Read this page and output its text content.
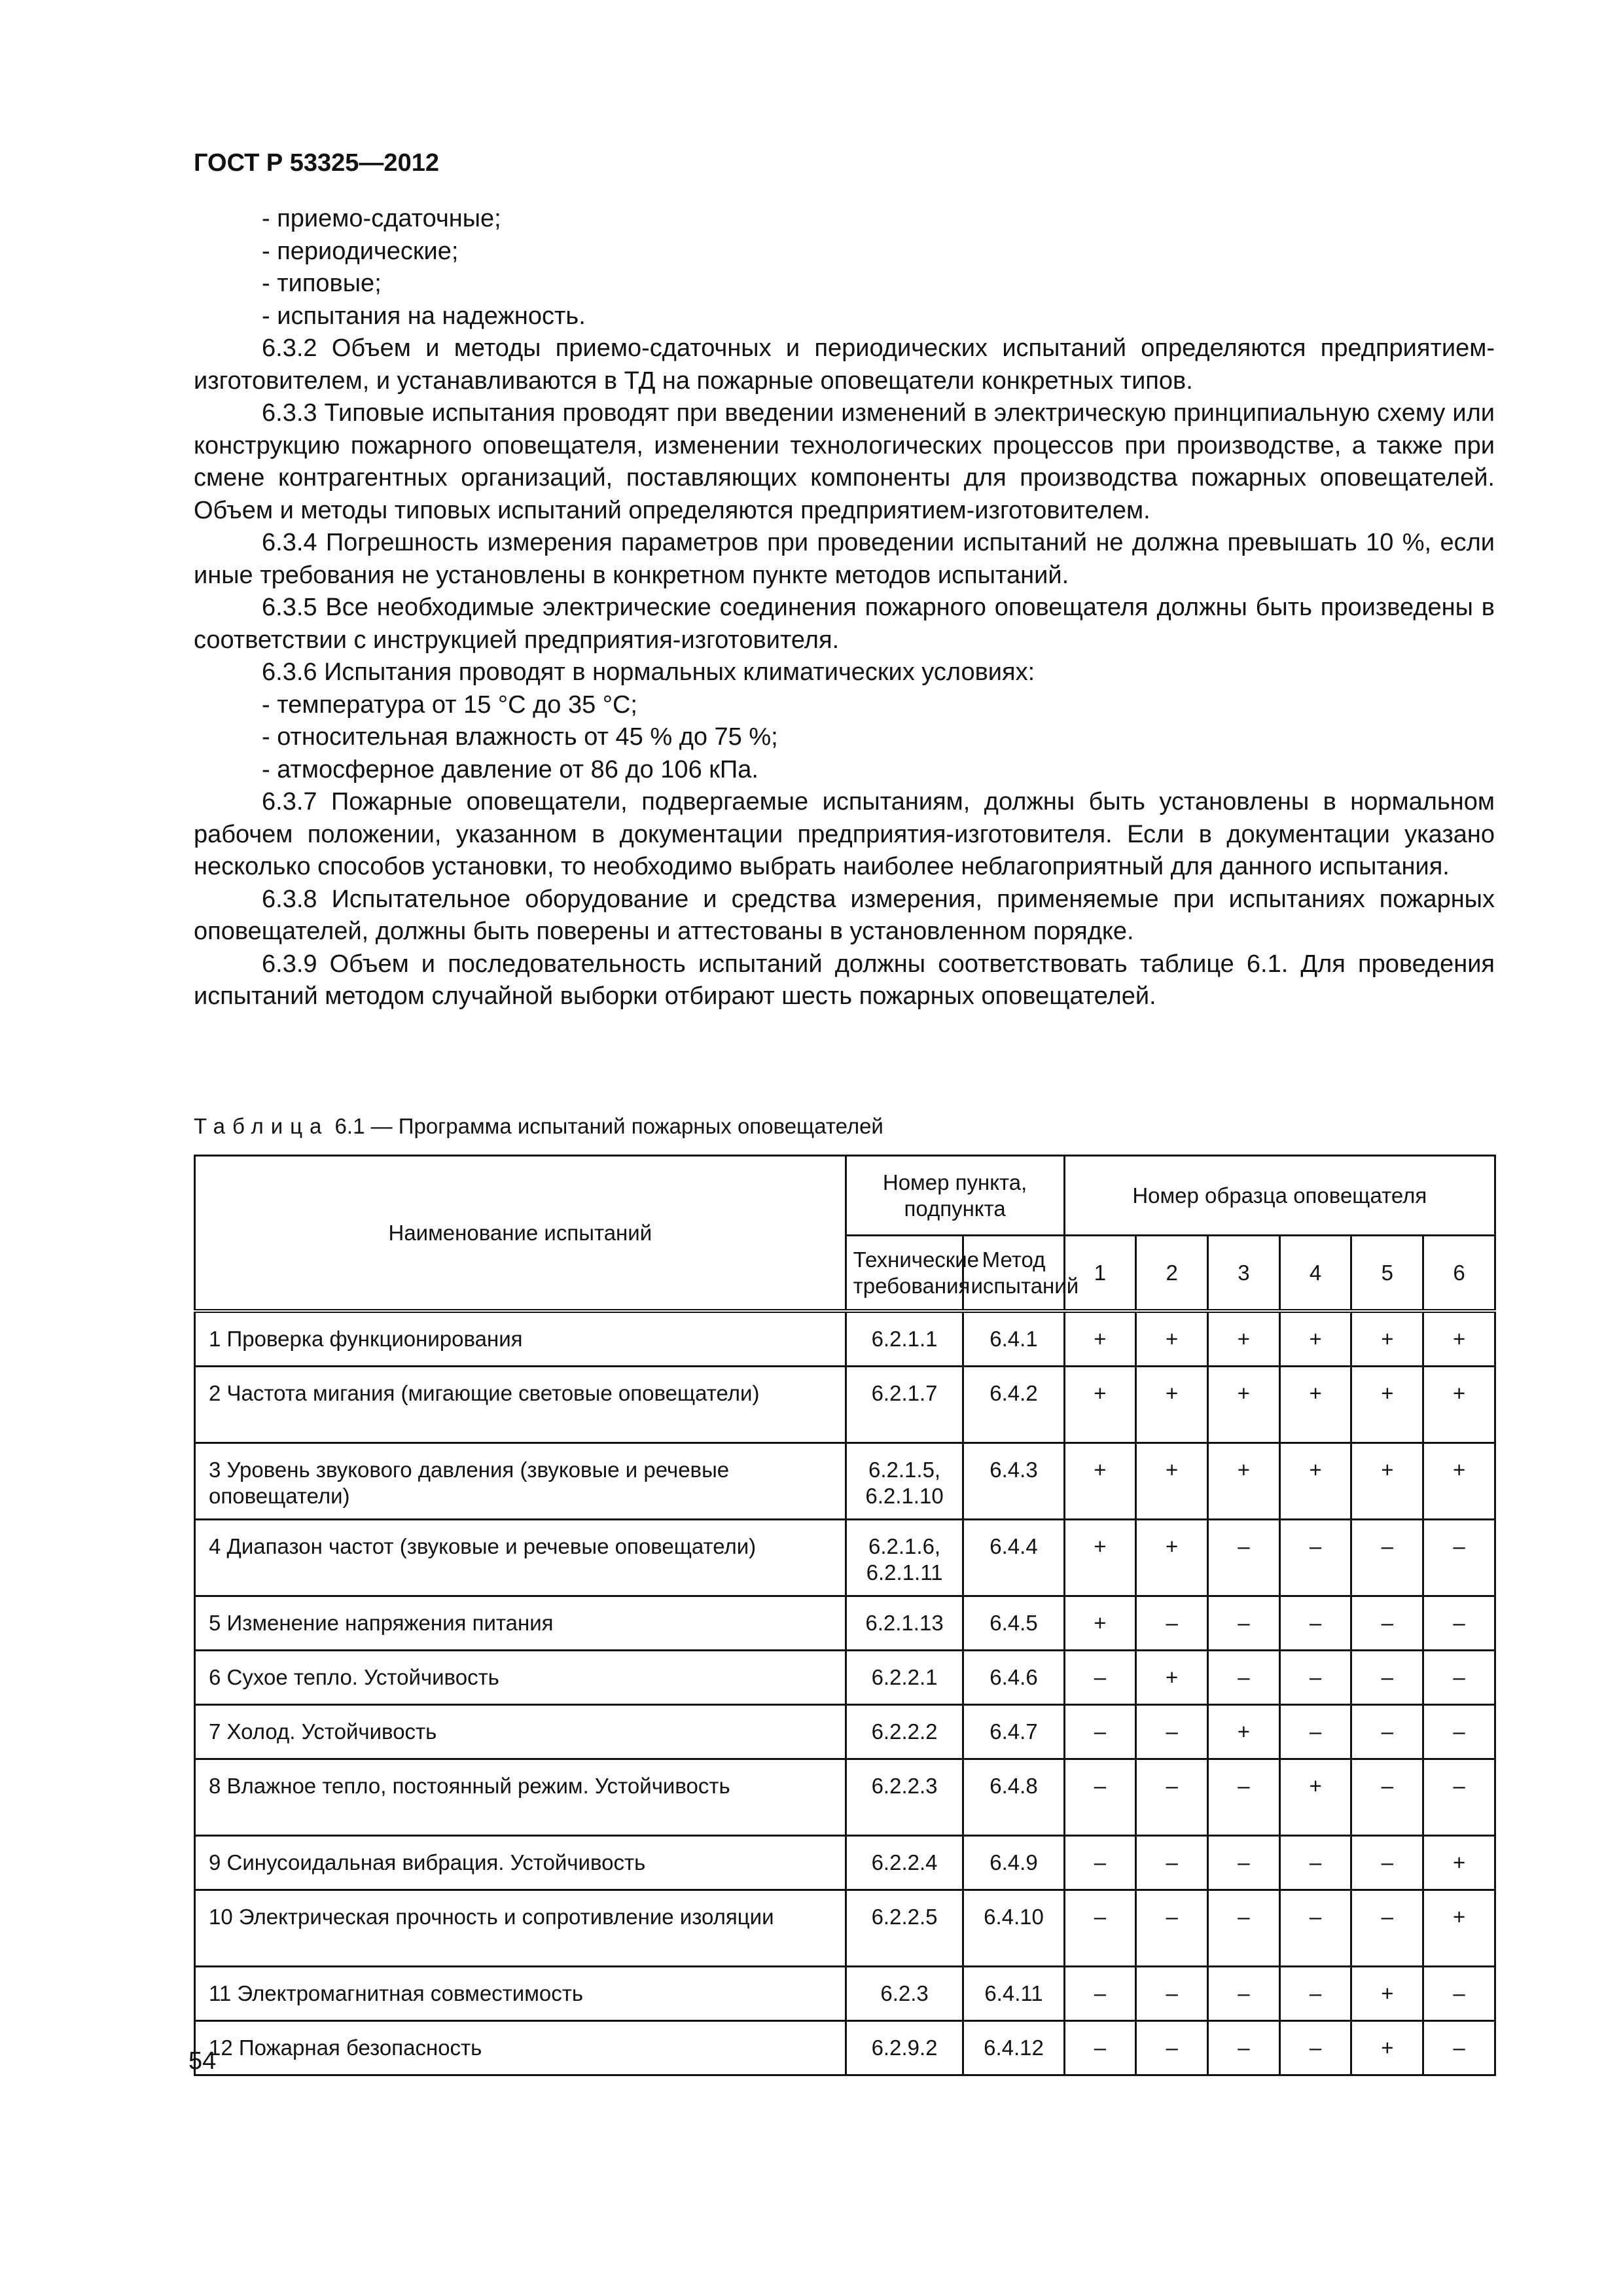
ГОСТ Р 53325—2012

- приемо-сдаточные;

- периодические;

- типовые;

- испытания на надежность.

6.3.2 Объем и методы приемо-сдаточных и периодических испытаний определяются предприятием-изготовителем, и устанавливаются в ТД на пожарные оповещатели конкретных типов.

6.3.3 Типовые испытания проводят при введении изменений в электрическую принципиальную схему или конструкцию пожарного оповещателя, изменении технологических процессов при производстве, а также при смене контрагентных организаций, поставляющих компоненты для производства пожарных оповещателей. Объем и методы типовых испытаний определяются предприятием-изготовителем.

6.3.4 Погрешность измерения параметров при проведении испытаний не должна превышать 10 %, если иные требования не установлены в конкретном пункте методов испытаний.

6.3.5 Все необходимые электрические соединения пожарного оповещателя должны быть произведены в соответствии с инструкцией предприятия-изготовителя.

6.3.6 Испытания проводят в нормальных климатических условиях:

- температура от 15 °С до 35 °С;

- относительная влажность от 45 % до 75 %;

- атмосферное давление от 86 до 106 кПа.

6.3.7 Пожарные оповещатели, подвергаемые испытаниям, должны быть установлены в нормальном рабочем положении, указанном в документации предприятия-изготовителя. Если в документации указано несколько способов установки, то необходимо выбрать наиболее неблагоприятный для данного испытания.

6.3.8 Испытательное оборудование и средства измерения, применяемые при испытаниях пожарных оповещателей, должны быть поверены и аттестованы в установленном порядке.

6.3.9 Объем и последовательность испытаний должны соответствовать таблице 6.1. Для проведения испытаний методом случайной выборки отбирают шесть пожарных оповещателей.

Таблица 6.1 — Программа испытаний пожарных оповещателей
Наименование испытаний	Номер пункта, подпункта		Номер образца оповещателя					
	Технические требования	Метод испытаний	1	2	3	4	5	6
1 Проверка функционирования	6.2.1.1	6.4.1	+	+	+	+	+	+
2 Частота мигания (мигающие световые оповещатели)	6.2.1.7	6.4.2	+	+	+	+	+	+
3 Уровень звукового давления (звуковые и речевые оповещатели)	6.2.1.5, 6.2.1.10	6.4.3	+	+	+	+	+	+
4 Диапазон частот (звуковые и речевые оповещатели)	6.2.1.6, 6.2.1.11	6.4.4	+	+	–	–	–	–
5 Изменение напряжения питания	6.2.1.13	6.4.5	+	–	–	–	–	–
6 Сухое тепло. Устойчивость	6.2.2.1	6.4.6	–	+	–	–	–	–
7 Холод. Устойчивость	6.2.2.2	6.4.7	–	–	+	–	–	–
8 Влажное тепло, постоянный режим. Устойчивость	6.2.2.3	6.4.8	–	–	–	+	–	–
9 Синусоидальная вибрация. Устойчивость	6.2.2.4	6.4.9	–	–	–	–	–	+
10 Электрическая прочность и сопротивление изоляции	6.2.2.5	6.4.10	–	–	–	–	–	+
11 Электромагнитная совместимость	6.2.3	6.4.11	–	–	–	–	+	–
12 Пожарная безопасность	6.2.9.2	6.4.12	–	–	–	–	+	–
54
